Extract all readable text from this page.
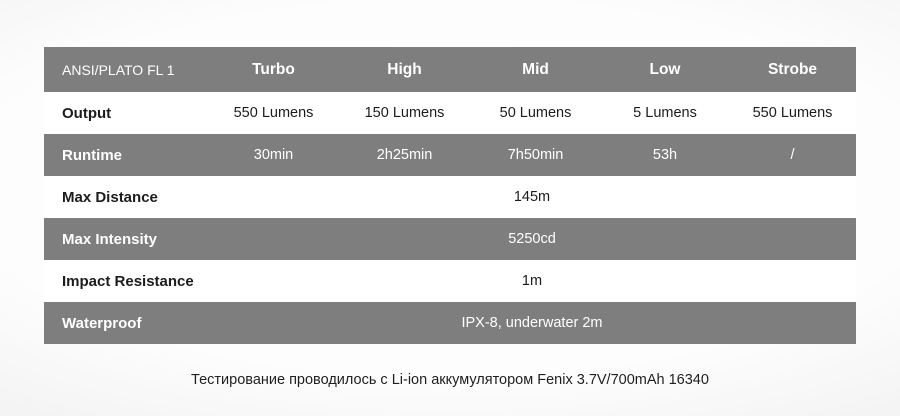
ANSI/PLATO FL 1	Turbo	High	Mid	Low	Strobe
Output	550 Lumens	150 Lumens	50 Lumens	5 Lumens	550 Lumens
Runtime	30min	2h25min	7h50min	53h	/
Max Distance	145m				
Max Intensity	5250cd				
Impact Resistance	1m				
Waterproof	IPX-8, underwater 2m				
Тестирование проводилось с Li-ion аккумулятором Fenix 3.7V/700mAh 16340
